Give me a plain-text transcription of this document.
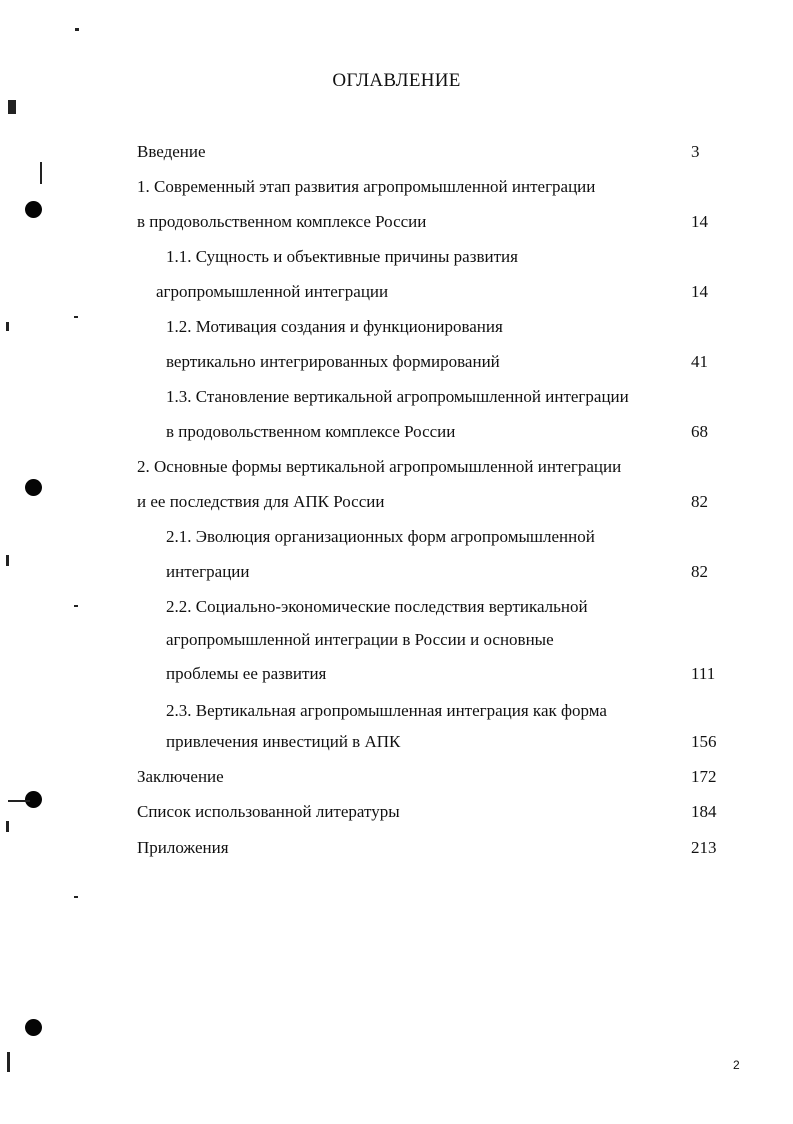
ОГЛАВЛЕНИЕ
Введение	3
1. Современный этап развития агропромышленной интеграции
в продовольственном комплексе России	14
1.1. Сущность и объективные причины развития
агропромышленной интеграции	14
1.2. Мотивация создания и функционирования
вертикально интегрированных формирований	41
1.3. Становление вертикальной агропромышленной интеграции
в продовольственном комплексе России	68
2. Основные формы вертикальной агропромышленной интеграции
и ее последствия для АПК России	82
2.1. Эволюция организационных форм агропромышленной
интеграции	82
2.2. Социально-экономические последствия вертикальной
агропромышленной интеграции в России и основные
проблемы ее развития	111
2.3. Вертикальная агропромышленная интеграция как форма
привлечения инвестиций в АПК	156
Заключение	172
Список использованной литературы	184
Приложения	213
2
